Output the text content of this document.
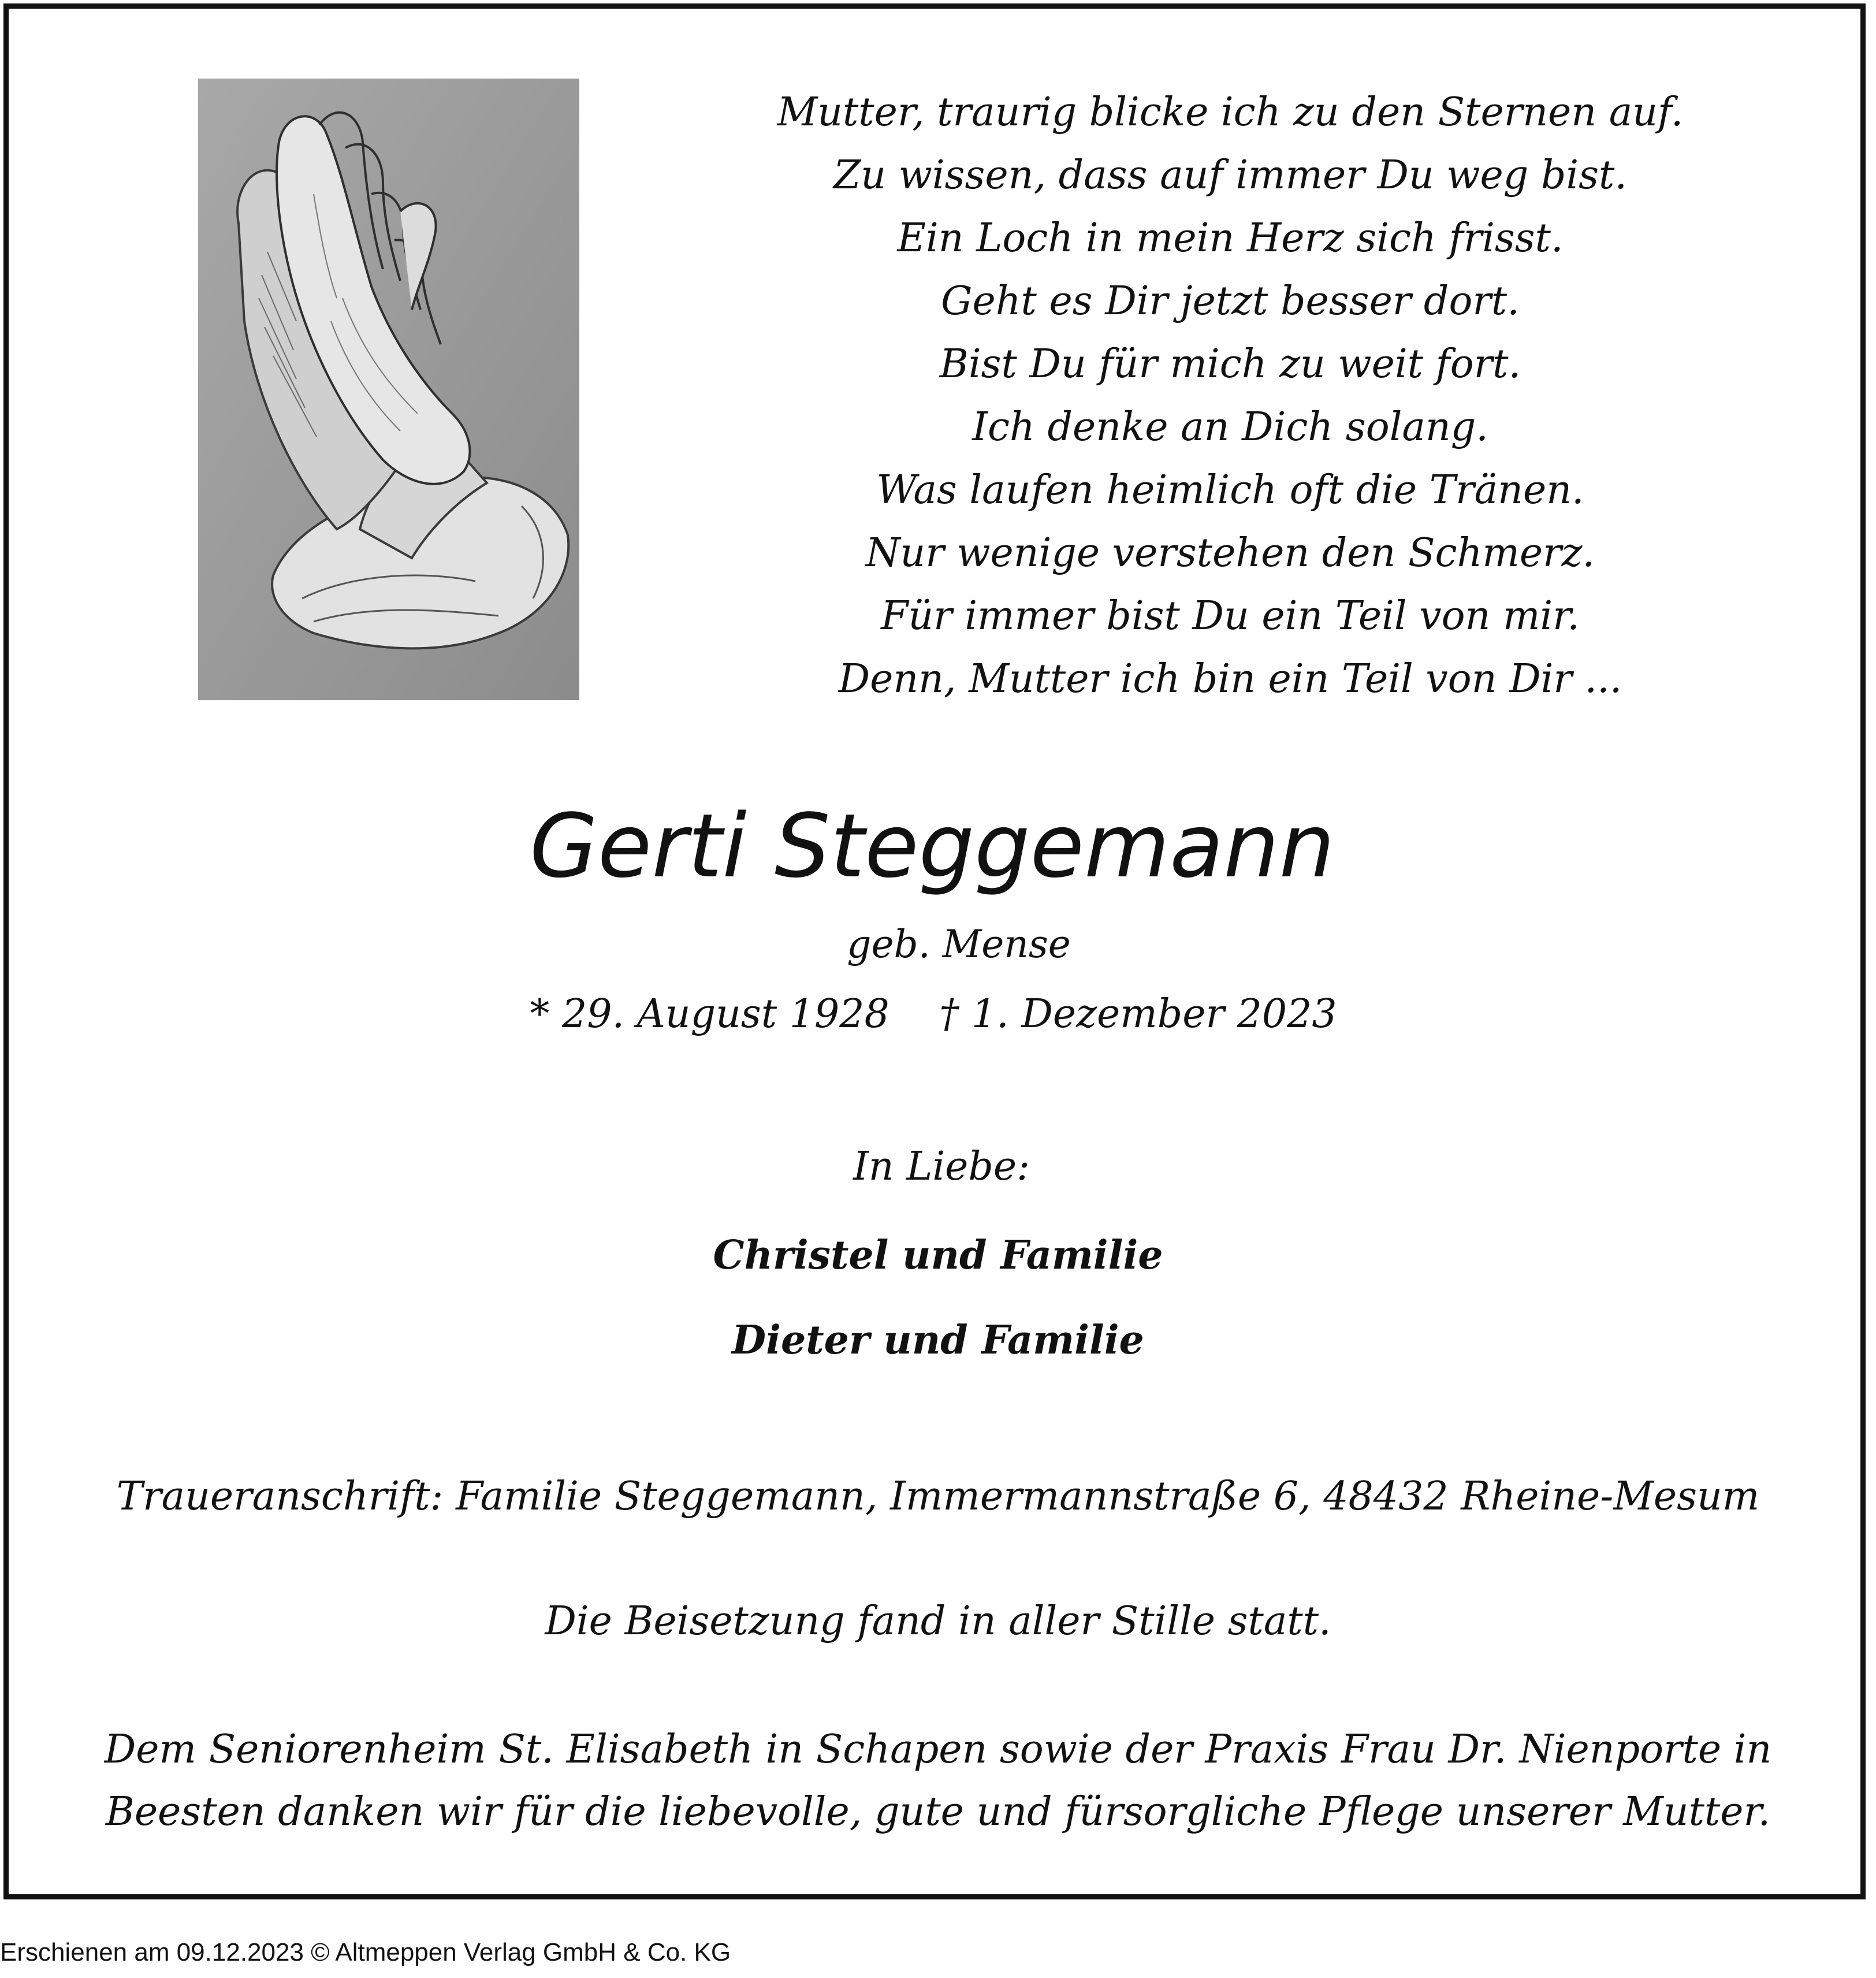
Mutter, traurig blicke ich zu den Sternen auf.
Zu wissen, dass auf immer Du weg bist.
Ein Loch in mein Herz sich frisst.
Geht es Dir jetzt besser dort.
Bist Du für mich zu weit fort.
Ich denke an Dich solang.
Was laufen heimlich oft die Tränen.
Nur wenige verstehen den Schmerz.
Für immer bist Du ein Teil von mir.
Denn, Mutter ich bin ein Teil von Dir ...
Gerti Steggemann
geb. Mense
* 29. August 1928    † 1. Dezember 2023
In Liebe:
Christel und Familie
Dieter und Familie
Traueranschrift: Familie Steggemann, Immermannstraße 6, 48432 Rheine-Mesum
Die Beisetzung fand in aller Stille statt.
Dem Seniorenheim St. Elisabeth in Schapen sowie der Praxis Frau Dr. Nienporte in
Beesten danken wir für die liebevolle, gute und fürsorgliche Pflege unserer Mutter.
Erschienen am 09.12.2023 © Altmeppen Verlag GmbH & Co. KG
